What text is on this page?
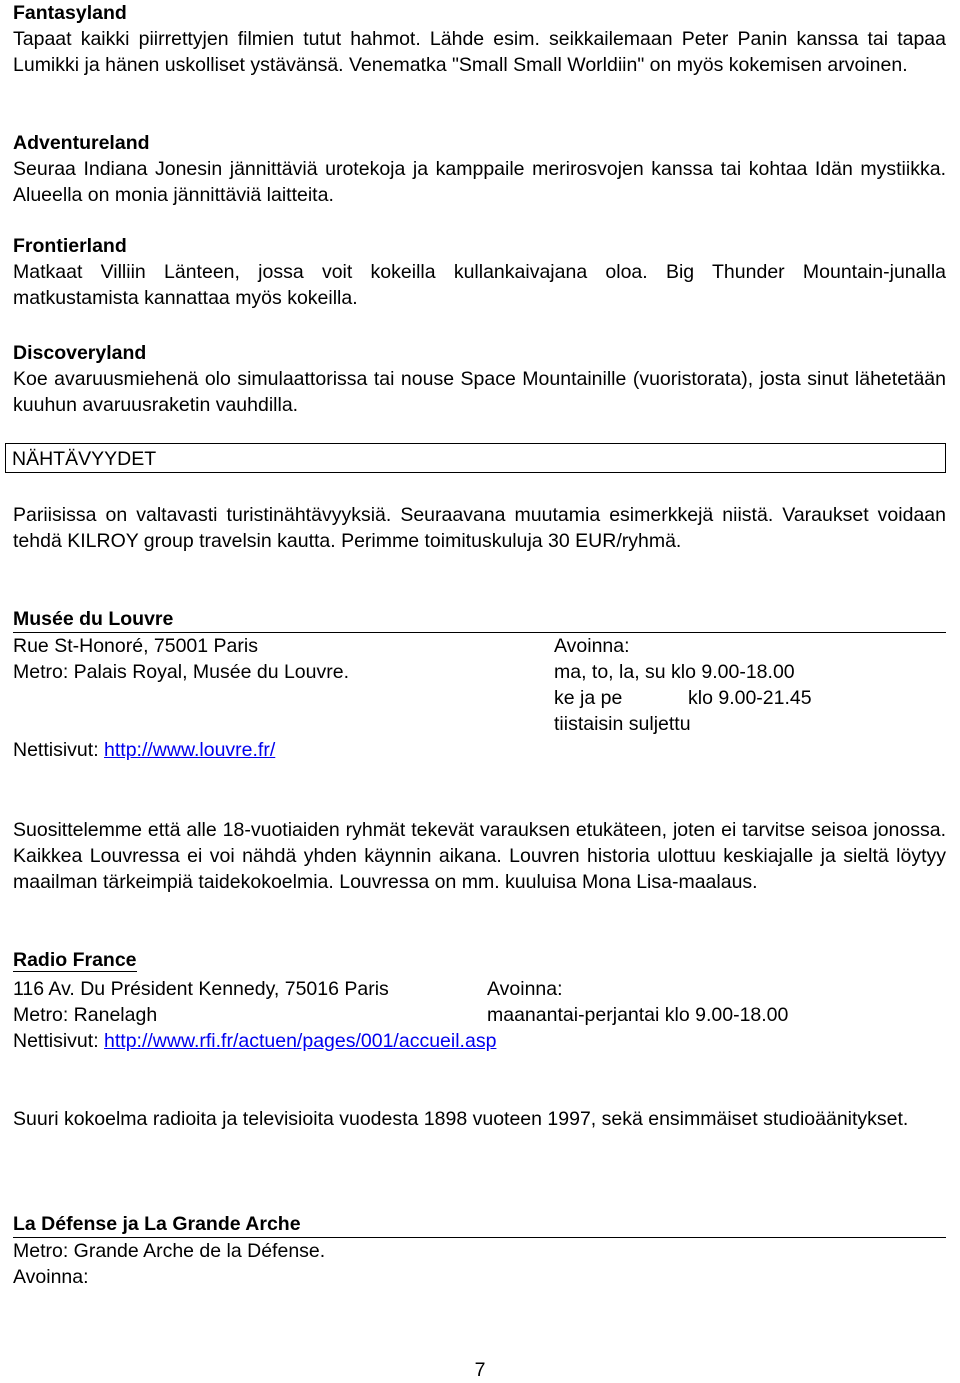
Fantasyland

Tapaat kaikki piirrettyjen filmien tutut hahmot. Lähde esim. seikkailemaan Peter Panin kanssa tai tapaa Lumikki ja hänen uskolliset ystävänsä. Venematka "Small Small Worldiin" on myös kokemisen arvoinen.

Adventureland

Seuraa Indiana Jonesin jännittäviä urotekoja ja kamppaile merirosvojen kanssa tai kohtaa Idän mystiikka. Alueella on monia jännittäviä laitteita.

Frontierland

Matkaat Villiin Länteen, jossa voit kokeilla kullankaivajana oloa. Big Thunder Mountain-junalla matkustamista kannattaa myös kokeilla.

Discoveryland

Koe avaruusmiehenä olo simulaattorissa tai nouse Space Mountainille (vuoristorata), josta sinut lähetetään kuuhun avaruusraketin vauhdilla.

NÄHTÄVYYDET

Pariisissa on valtavasti turistinähtävyyksiä. Seuraavana muutamia esimerkkejä niistä. Varaukset voidaan tehdä KILROY group travelsin kautta. Perimme toimituskuluja 30 EUR/ryhmä.

Musée du Louvre
Rue St-Honoré, 75001 Paris	Avoinna:
Metro: Palais Royal, Musée du Louvre.	ma, to, la, su klo 9.00-18.00
ke ja pe	klo 9.00-21.45
tiistaisin suljettu
Nettisivut:
http://www.louvre.fr/

Suosittelemme että alle 18-vuotiaiden ryhmät tekevät varauksen etukäteen, joten ei tarvitse seisoa jonossa. Kaikkea Louvressa ei voi nähdä yhden käynnin aikana. Louvren historia ulottuu keskiajalle ja sieltä löytyy maailman tärkeimpiä taidekokoelmia. Louvressa on mm. kuuluisa Mona Lisa-maalaus.

Radio France
116 Av. Du Président Kennedy, 75016 Paris	Avoinna:
Metro: Ranelagh	maanantai-perjantai klo 9.00-18.00
Nettisivut:
http://www.rfi.fr/actuen/pages/001/accueil.asp

Suuri kokoelma radioita ja televisioita vuodesta 1898 vuoteen 1997, sekä ensimmäiset studioäänitykset.

La Défense ja La Grande Arche

Metro: Grande Arche de la Défense.

Avoinna:

7
